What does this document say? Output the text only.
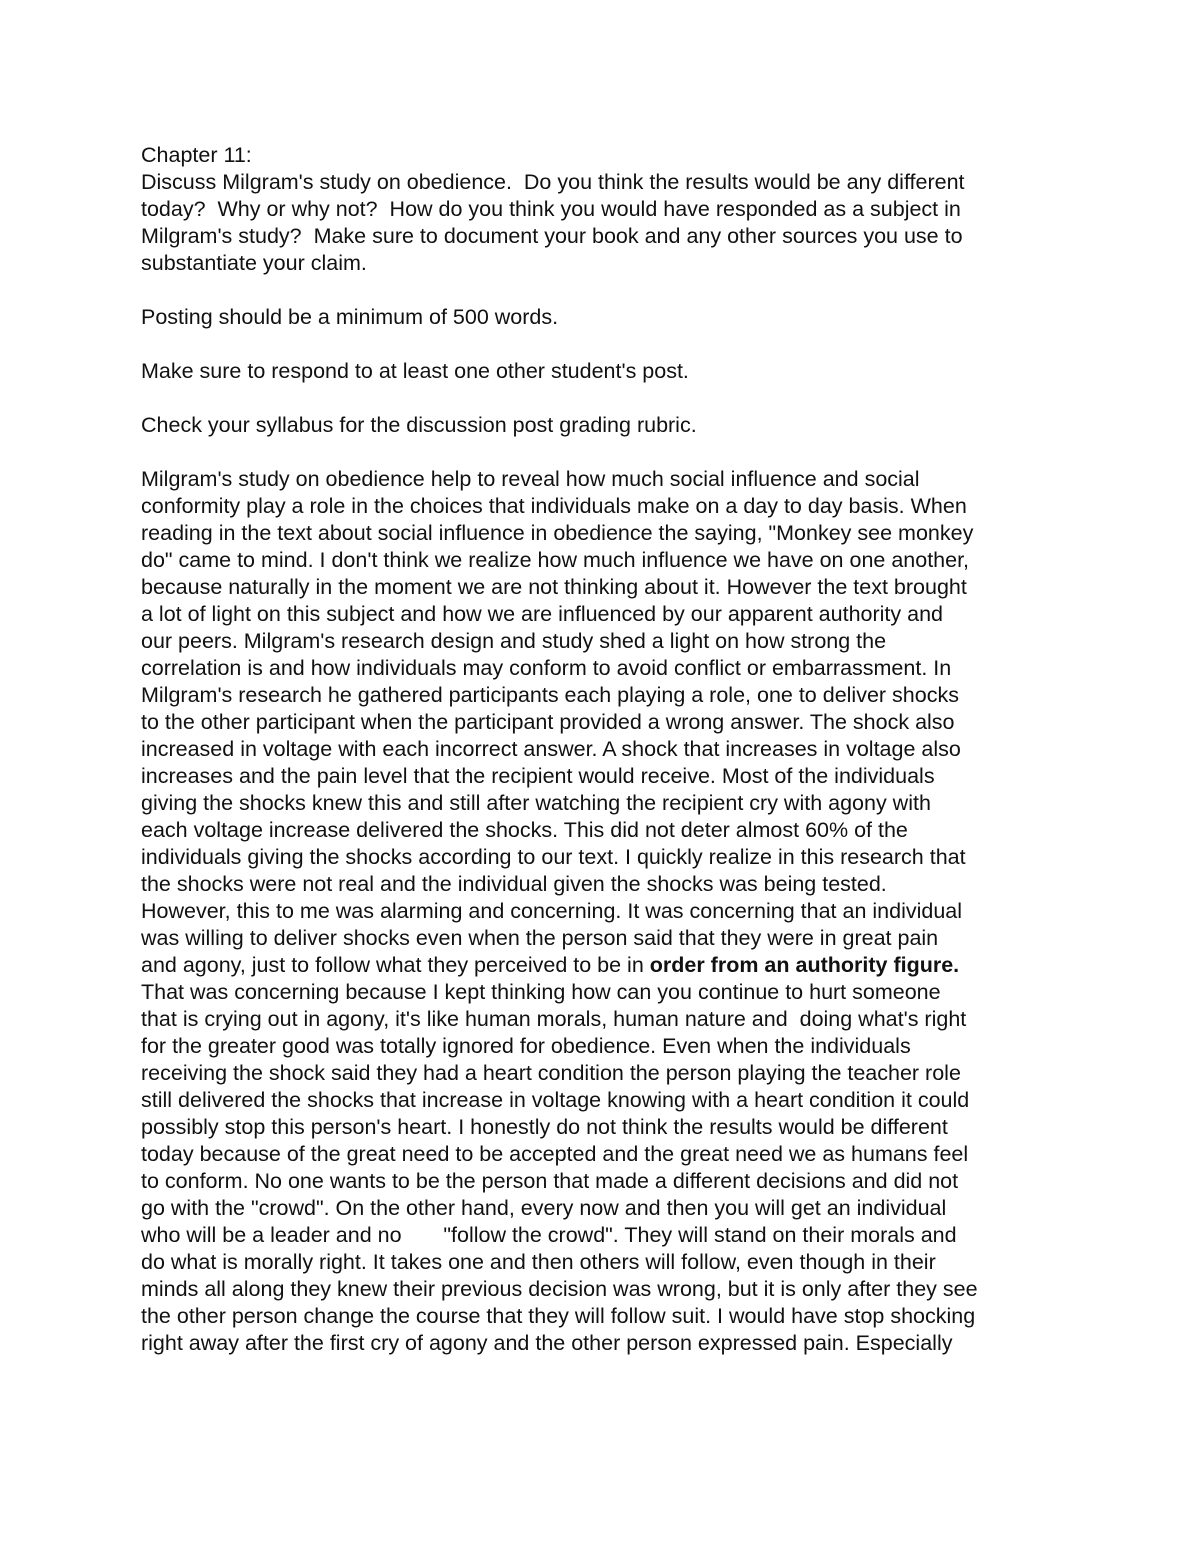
Chapter 11:

Discuss Milgram's study on obedience.  Do you think the results would be any different
today?  Why or why not?  How do you think you would have responded as a subject in
Milgram's study?  Make sure to document your book and any other sources you use to
substantiate your claim.

Posting should be a minimum of 500 words.

Make sure to respond to at least one other student's post.

Check your syllabus for the discussion post grading rubric.

Milgram's study on obedience help to reveal how much social influence and social
conformity play a role in the choices that individuals make on a day to day basis. When
reading in the text about social influence in obedience the saying, "Monkey see monkey
do" came to mind. I don't think we realize how much influence we have on one another,
because naturally in the moment we are not thinking about it. However the text brought
a lot of light on this subject and how we are influenced by our apparent authority and
our peers. Milgram's research design and study shed a light on how strong the
correlation is and how individuals may conform to avoid conflict or embarrassment. In
Milgram's research he gathered participants each playing a role, one to deliver shocks
to the other participant when the participant provided a wrong answer. The shock also
increased in voltage with each incorrect answer. A shock that increases in voltage also
increases and the pain level that the recipient would receive. Most of the individuals
giving the shocks knew this and still after watching the recipient cry with agony with
each voltage increase delivered the shocks. This did not deter almost 60% of the
individuals giving the shocks according to our text. I quickly realize in this research that
the shocks were not real and the individual given the shocks was being tested.
However, this to me was alarming and concerning. It was concerning that an individual
was willing to deliver shocks even when the person said that they were in great pain
and agony, just to follow what they perceived to be in order from an authority figure.
That was concerning because I kept thinking how can you continue to hurt someone
that is crying out in agony, it's like human morals, human nature and  doing what's right
for the greater good was totally ignored for obedience. Even when the individuals
receiving the shock said they had a heart condition the person playing the teacher role
still delivered the shocks that increase in voltage knowing with a heart condition it could
possibly stop this person's heart. I honestly do not think the results would be different
today because of the great need to be accepted and the great need we as humans feel
to conform. No one wants to be the person that made a different decisions and did not
go with the "crowd". On the other hand, every now and then you will get an individual
who will be a leader and no       "follow the crowd". They will stand on their morals and
do what is morally right. It takes one and then others will follow, even though in their
minds all along they knew their previous decision was wrong, but it is only after they see
the other person change the course that they will follow suit. I would have stop shocking
right away after the first cry of agony and the other person expressed pain. Especially
